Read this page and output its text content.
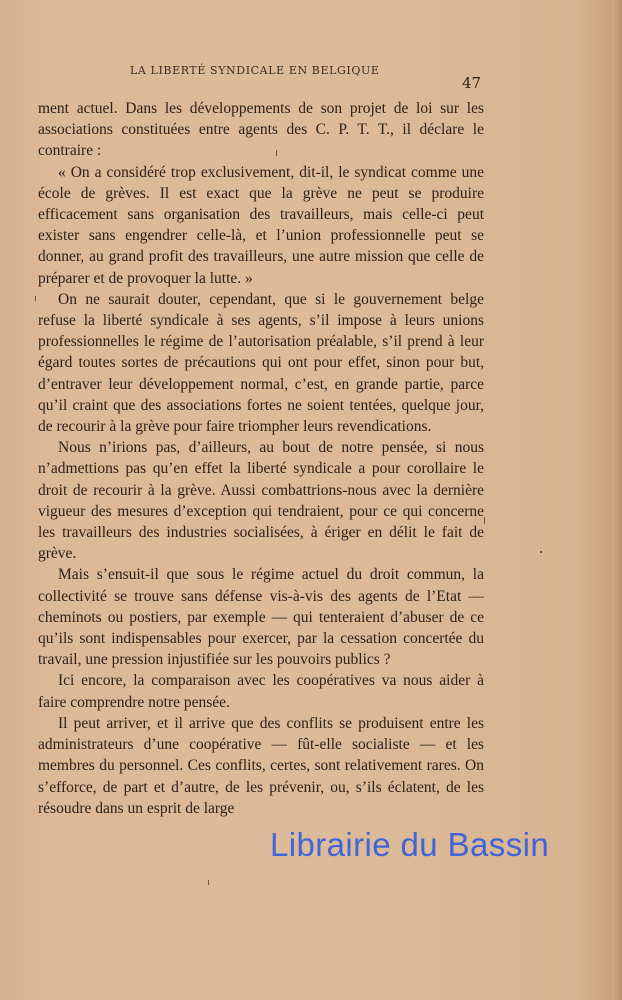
LA LIBERTÉ SYNDICALE EN BELGIQUE
47

ment actuel. Dans les développements de son projet de loi sur les associations constituées entre agents des C. P. T. T., il déclare le contraire :

« On a considéré trop exclusivement, dit-il, le syndicat comme une école de grèves. Il est exact que la grève ne peut se produire efficacement sans organisation des travailleurs, mais celle-ci peut exister sans engendrer celle-là, et l’union professionnelle peut se donner, au grand profit des travailleurs, une autre mission que celle de préparer et de provoquer la lutte. »

On ne saurait douter, cependant, que si le gouvernement belge refuse la liberté syndicale à ses agents, s’il impose à leurs unions professionnelles le régime de l’autorisation préalable, s’il prend à leur égard toutes sortes de précautions qui ont pour effet, sinon pour but, d’entraver leur développement normal, c’est, en grande partie, parce qu’il craint que des associations fortes ne soient tentées, quelque jour, de recourir à la grève pour faire triompher leurs revendications.

Nous n’irions pas, d’ailleurs, au bout de notre pensée, si nous n’admettions pas qu’en effet la liberté syndicale a pour corollaire le droit de recourir à la grève. Aussi combattrions-nous avec la dernière vigueur des mesures d’exception qui tendraient, pour ce qui concerne les travailleurs des industries socialisées, à ériger en délit le fait de grève.

Mais s’ensuit-il que sous le régime actuel du droit commun, la collectivité se trouve sans défense vis-à-vis des agents de l’Etat — cheminots ou postiers, par exemple — qui tenteraient d’abuser de ce qu’ils sont indispensables pour exercer, par la cessation concertée du travail, une pression injustifiée sur les pouvoirs publics ?

Ici encore, la comparaison avec les coopératives va nous aider à faire comprendre notre pensée.

Il peut arriver, et il arrive que des conflits se produisent entre les administrateurs d’une coopérative — fût-elle socialiste — et les membres du personnel. Ces conflits, certes, sont relativement rares. On s’efforce, de part et d’autre, de les prévenir, ou, s’ils éclatent, de les résoudre dans un esprit de large

Librairie du Bassin
